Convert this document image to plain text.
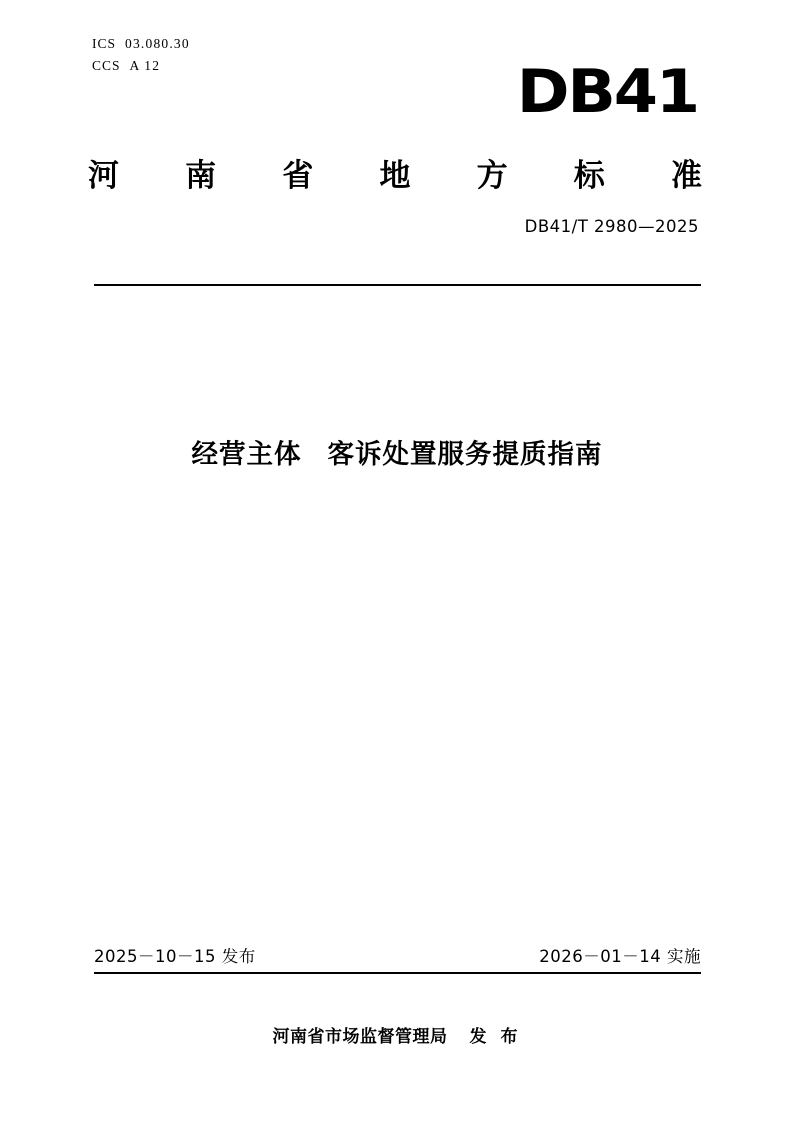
ICS 03.080.30
CCS A 12	DB41
河 南 省 地 方 标 准
DB41/T 2980—2025
经营主体 客诉处置服务提质指南
2025－10－15 发布	2026－01－14 实施
河南省市场监督管理局 发 布
